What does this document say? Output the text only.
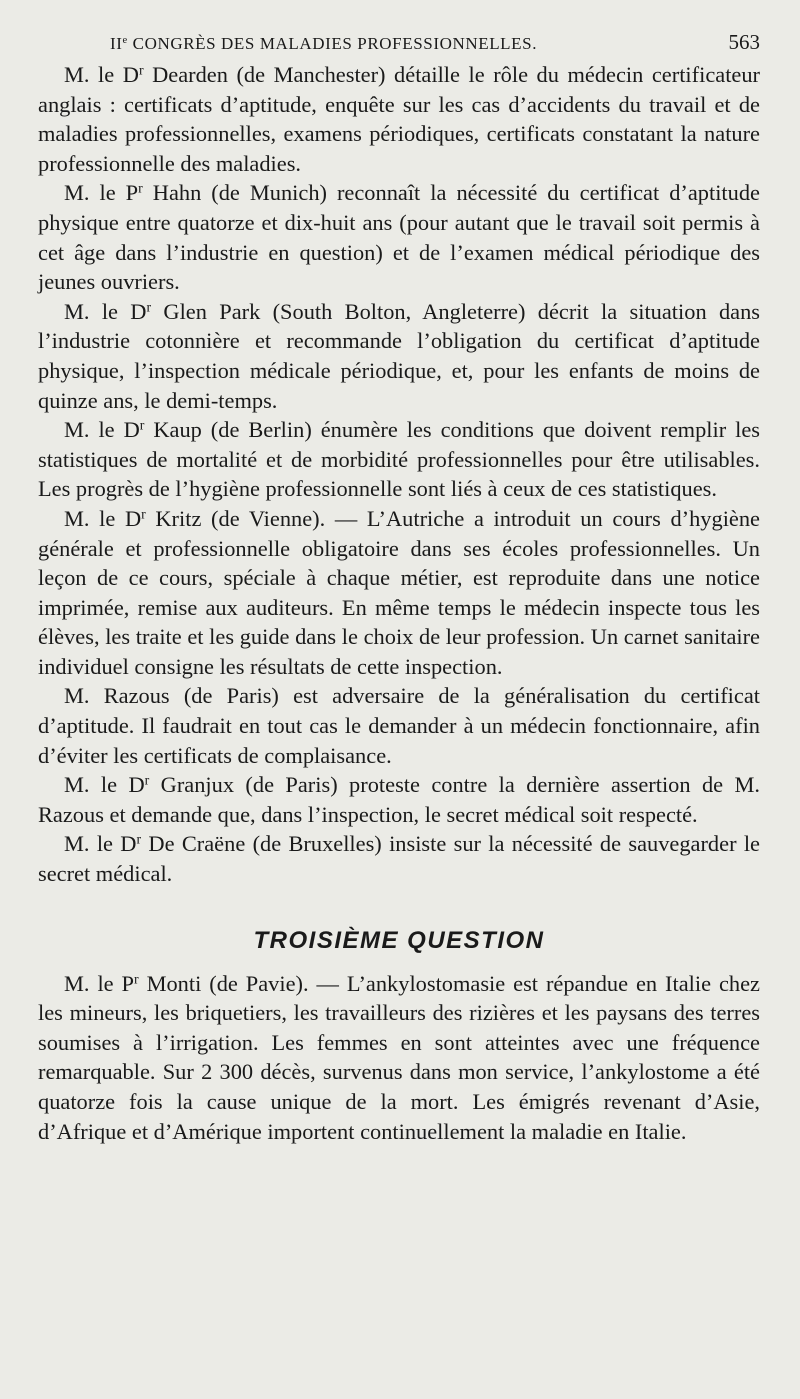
IIe CONGRÈS DES MALADIES PROFESSIONNELLES.	563

M. le $D^r$ Dearden (de Manchester) détaille le rôle du médecin certificateur anglais : certificats d’aptitude, enquête sur les cas d’accidents du travail et de maladies professionnelles, examens périodiques, certificats constatant la nature professionnelle des maladies.

M. le $P^r$ Hahn (de Munich) reconnaît la nécessité du certificat d’aptitude physique entre quatorze et dix-huit ans (pour autant que le travail soit permis à cet âge dans l’industrie en question) et de l’examen médical périodique des jeunes ouvriers.

M. le $D^r$ Glen Park (South Bolton, Angleterre) décrit la situation dans l’industrie cotonnière et recommande l’obligation du certificat d’aptitude physique, l’inspection médicale périodique, et, pour les enfants de moins de quinze ans, le demi-temps.

M. le $D^r$ Kaup (de Berlin) énumère les conditions que doivent remplir les statistiques de mortalité et de morbidité professionnelles pour être utilisables. Les progrès de l’hygiène professionnelle sont liés à ceux de ces statistiques.

M. le $D^r$ Kritz (de Vienne). — L’Autriche a introduit un cours d’hygiène générale et professionnelle obligatoire dans ses écoles professionnelles. Un leçon de ce cours, spéciale à chaque métier, est reproduite dans une notice imprimée, remise aux auditeurs. En même temps le médecin inspecte tous les élèves, les traite et les guide dans le choix de leur profession. Un carnet sanitaire individuel consigne les résultats de cette inspection.

M. Razous (de Paris) est adversaire de la généralisation du certificat d’aptitude. Il faudrait en tout cas le demander à un médecin fonctionnaire, afin d’éviter les certificats de complaisance.

M. le $D^r$ Granjux (de Paris) proteste contre la dernière assertion de M. Razous et demande que, dans l’inspection, le secret médical soit respecté.

M. le $D^r$ De Craëne (de Bruxelles) insiste sur la nécessité de sauvegarder le secret médical.

TROISIÈME QUESTION

M. le $P^r$ Monti (de Pavie). — L’ankylostomasie est répandue en Italie chez les mineurs, les briquetiers, les travailleurs des rizières et les paysans des terres soumises à l’irrigation. Les femmes en sont atteintes avec une fréquence remarquable. Sur 2 300 décès, survenus dans mon service, l’ankylostome a été quatorze fois la cause unique de la mort. Les émigrés revenant d’Asie, d’Afrique et d’Amérique importent continuellement la maladie en Italie.
